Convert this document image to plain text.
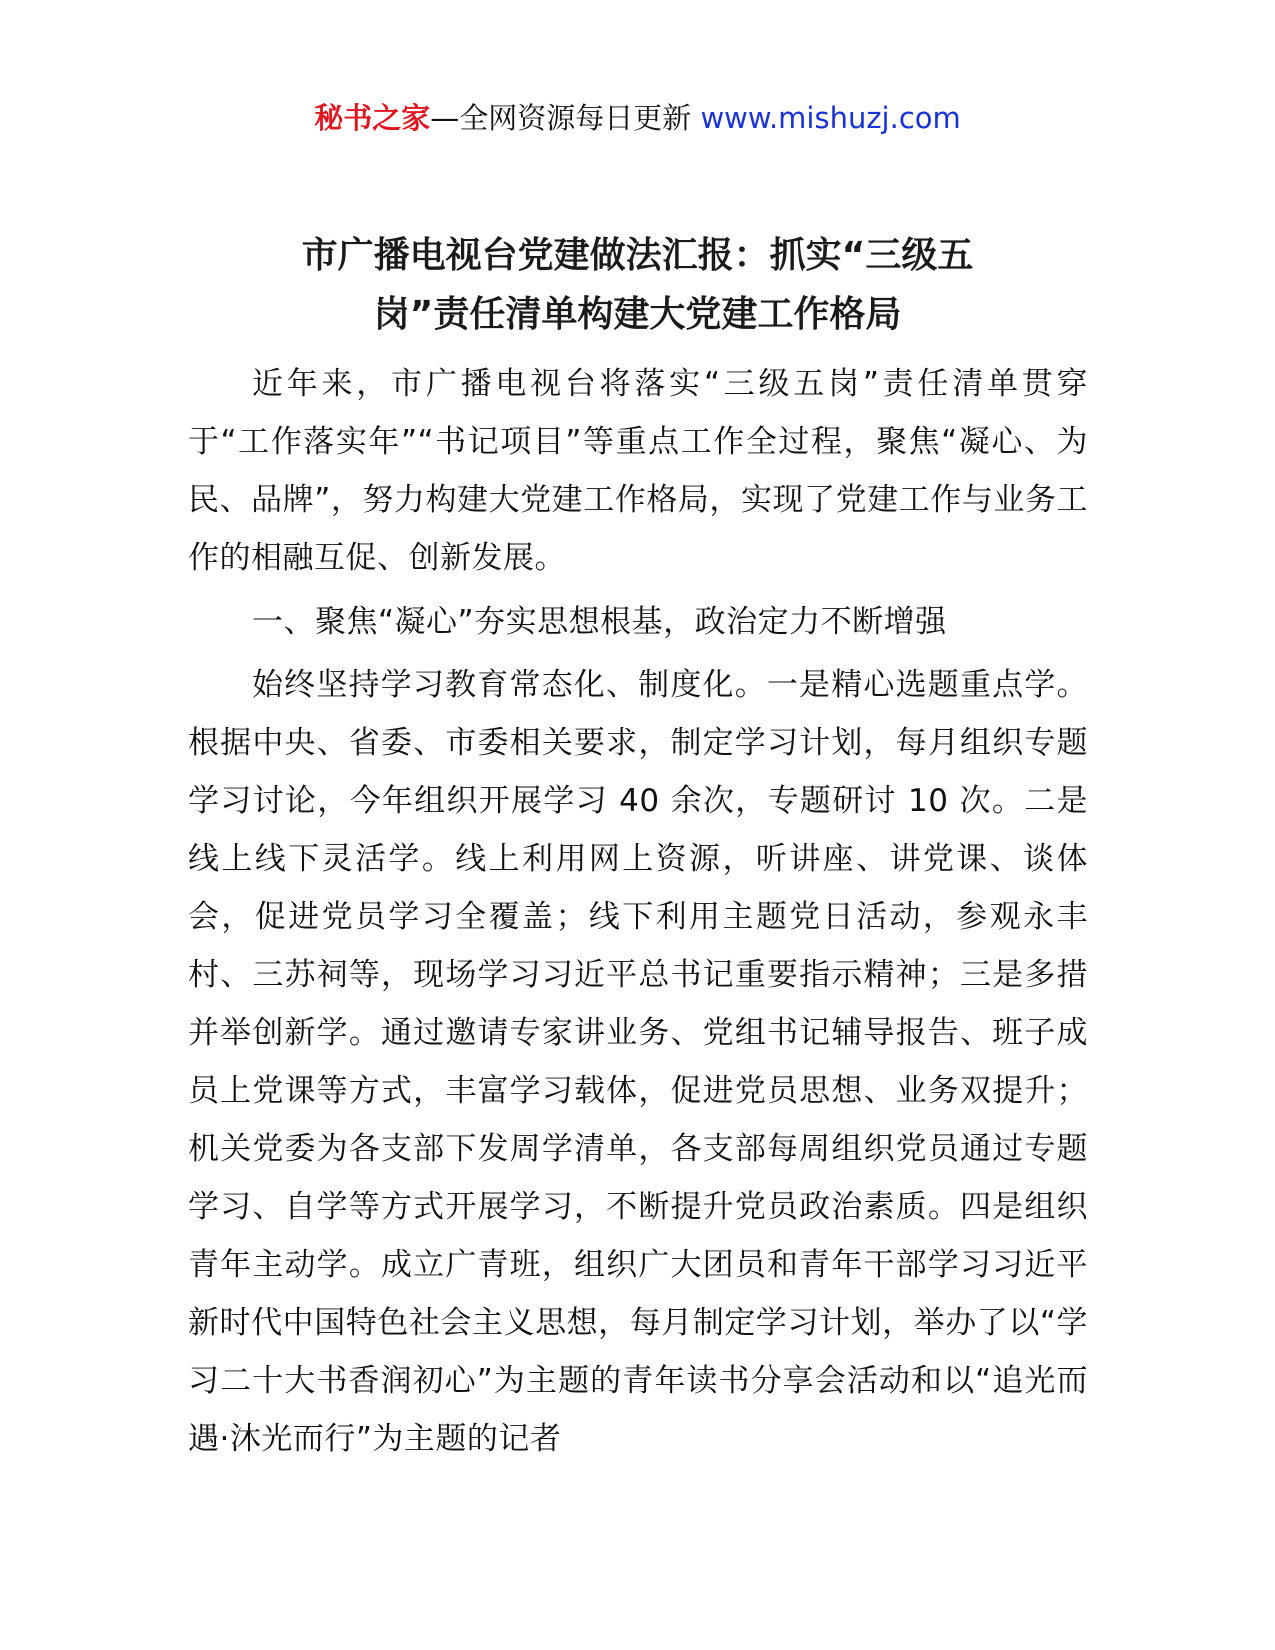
秘书之家—全网资源每日更新 www.mishuzj.com
市广播电视台党建做法汇报：抓实“三级五
岗”责任清单构建大党建工作格局

近年来，市广播电视台将落实“三级五岗”责任清单贯穿于“工作落实年”“书记项目”等重点工作全过程，聚焦“凝心、为民、品牌”，努力构建大党建工作格局，实现了党建工作与业务工作的相融互促、创新发展。

一、聚焦“凝心”夯实思想根基，政治定力不断增强

始终坚持学习教育常态化、制度化。一是精心选题重点学。根据中央、省委、市委相关要求，制定学习计划，每月组织专题学习讨论，今年组织开展学习 40 余次，专题研讨 10 次。二是线上线下灵活学。线上利用网上资源，听讲座、讲党课、谈体会，促进党员学习全覆盖；线下利用主题党日活动，参观永丰村、三苏祠等，现场学习习近平总书记重要指示精神；三是多措并举创新学。通过邀请专家讲业务、党组书记辅导报告、班子成员上党课等方式，丰富学习载体，促进党员思想、业务双提升；机关党委为各支部下发周学清单，各支部每周组织党员通过专题学习、自学等方式开展学习，不断提升党员政治素质。四是组织青年主动学。成立广青班，组织广大团员和青年干部学习习近平新时代中国特色社会主义思想，每月制定学习计划，举办了以“学习二十大书香润初心”为主题的青年读书分享会活动和以“追光而遇·沐光而行”为主题的记者
